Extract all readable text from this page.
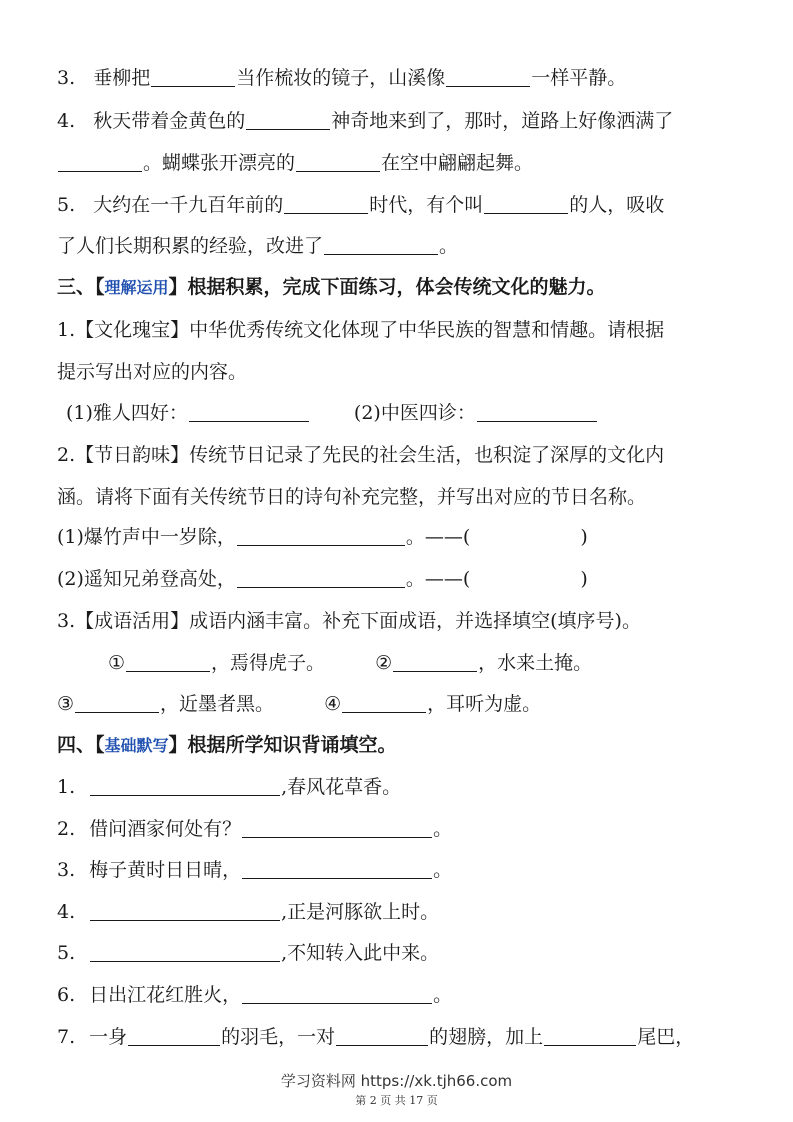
3. 垂柳把	当作梳妆的镜子，山溪像	一样平静。
4. 秋天带着金黄色的	神奇地来到了，那时，道路上好像洒满了
。蝴蝶张开漂亮的	在空中翩翩起舞。
5. 大约在一千九百年前的	时代，有个叫	的人，吸收
了人们长期积累的经验，改进了	。
三、【理解运用】根据积累，完成下面练习，体会传统文化的魅力。
1.【文化瑰宝】中华优秀传统文化体现了中华民族的智慧和情趣。请根据
提示写出对应的内容。
(1)雅人四好：	(2)中医四诊：
2.【节日韵味】传统节日记录了先民的社会生活，也积淀了深厚的文化内
涵。请将下面有关传统节日的诗句补充完整，并写出对应的节日名称。
(1)爆竹声中一岁除，	。——(	)
(2)遥知兄弟登高处，	。——(	)
3.【成语活用】成语内涵丰富。补充下面成语，并选择填空(填序号)。
①	，焉得虎子。	②	，水来土掩。
③	，近墨者黑。	④	，耳听为虚。
四、【基础默写】根据所学知识背诵填空。
1.	,春风花草香。
2. 借问酒家何处有？	。
3. 梅子黄时日日晴，	。
4.	,正是河豚欲上时。
5.	,不知转入此中来。
6. 日出江花红胜火，	。
7. 一身	的羽毛，一对	的翅膀，加上	尾巴，
学习资料网 https://xk.tjh66.com
第 2 页 共 17 页
